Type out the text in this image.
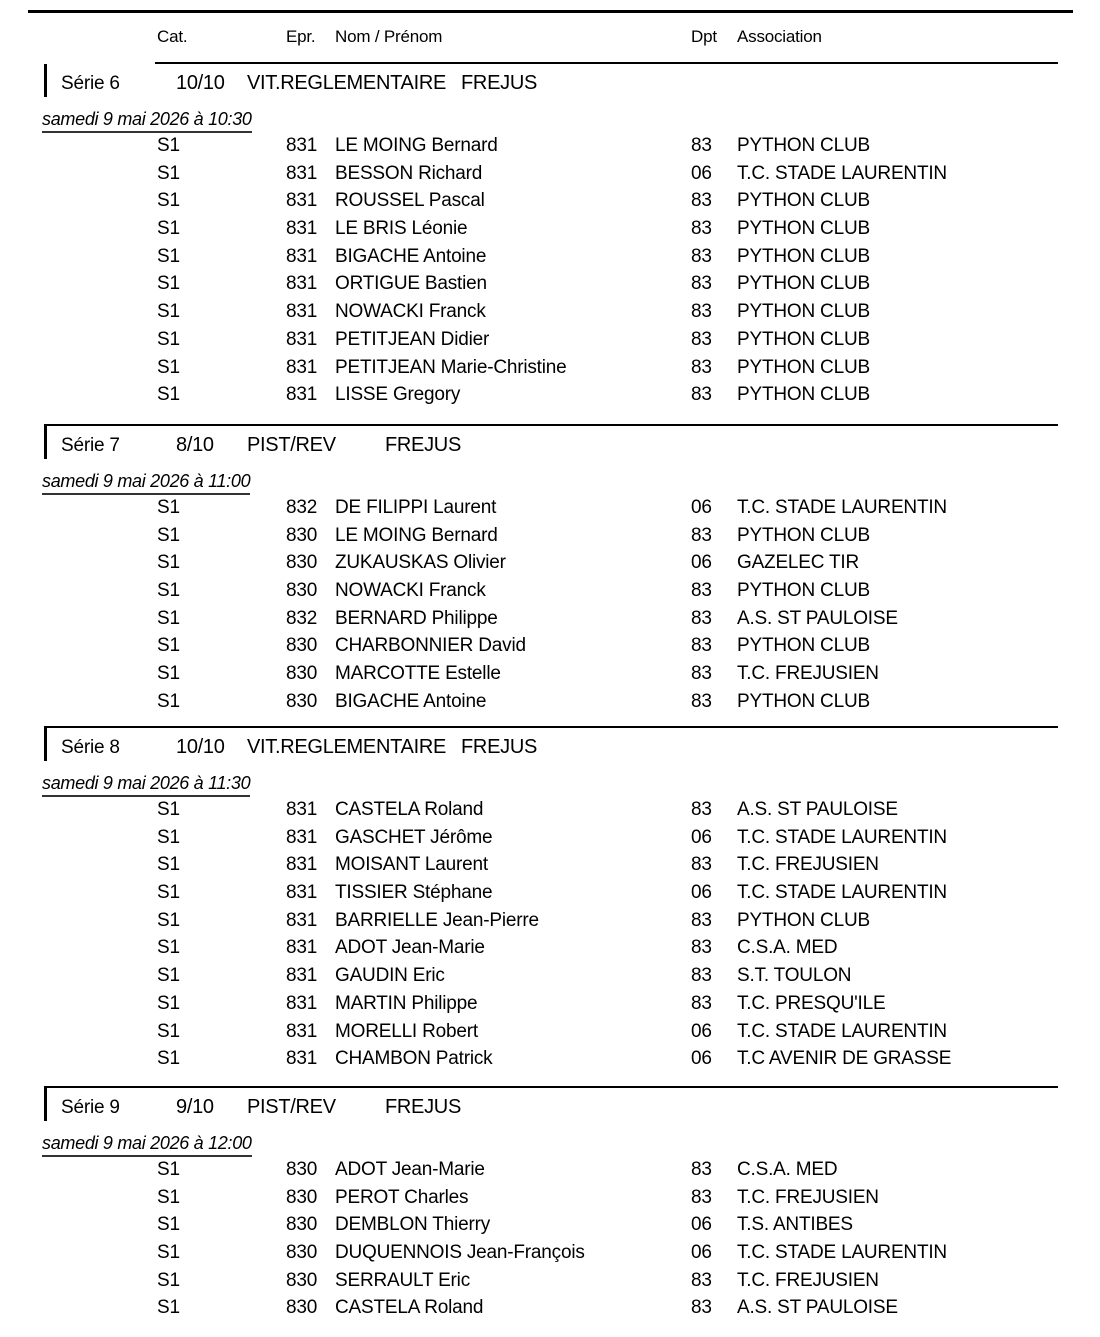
Cat.	Epr. Nom / Prénom	Dpt Association
Série 6	10/10	VIT.REGLEMENTAIRE FREJUS
samedi 9 mai 2026 à 10:30
S1	831 LE MOING Bernard	83 PYTHON CLUB
S1	831 BESSON Richard	06 T.C. STADE LAURENTIN
S1	831 ROUSSEL Pascal	83 PYTHON CLUB
S1	831 LE BRIS Léonie	83 PYTHON CLUB
S1	831 BIGACHE Antoine	83 PYTHON CLUB
S1	831 ORTIGUE Bastien	83 PYTHON CLUB
S1	831 NOWACKI Franck	83 PYTHON CLUB
S1	831 PETITJEAN Didier	83 PYTHON CLUB
S1	831 PETITJEAN Marie-Christine	83 PYTHON CLUB
S1	831 LISSE Gregory	83 PYTHON CLUB
Série 7	8/10	PIST/REV	FREJUS
samedi 9 mai 2026 à 11:00
S1	832 DE FILIPPI Laurent	06 T.C. STADE LAURENTIN
S1	830 LE MOING Bernard	83 PYTHON CLUB
S1	830 ZUKAUSKAS Olivier	06 GAZELEC TIR
S1	830 NOWACKI Franck	83 PYTHON CLUB
S1	832 BERNARD Philippe	83 A.S. ST PAULOISE
S1	830 CHARBONNIER David	83 PYTHON CLUB
S1	830 MARCOTTE Estelle	83 T.C. FREJUSIEN
S1	830 BIGACHE Antoine	83 PYTHON CLUB
Série 8	10/10	VIT.REGLEMENTAIRE FREJUS
samedi 9 mai 2026 à 11:30
S1	831 CASTELA Roland	83 A.S. ST PAULOISE
S1	831 GASCHET Jérôme	06 T.C. STADE LAURENTIN
S1	831 MOISANT Laurent	83 T.C. FREJUSIEN
S1	831 TISSIER Stéphane	06 T.C. STADE LAURENTIN
S1	831 BARRIELLE Jean-Pierre	83 PYTHON CLUB
S1	831 ADOT Jean-Marie	83 C.S.A. MED
S1	831 GAUDIN Eric	83 S.T. TOULON
S1	831 MARTIN Philippe	83 T.C. PRESQU'ILE
S1	831 MORELLI Robert	06 T.C. STADE LAURENTIN
S1	831 CHAMBON Patrick	06 T.C AVENIR DE GRASSE
Série 9	9/10	PIST/REV	FREJUS
samedi 9 mai 2026 à 12:00
S1	830 ADOT Jean-Marie	83 C.S.A. MED
S1	830 PEROT Charles	83 T.C. FREJUSIEN
S1	830 DEMBLON Thierry	06 T.S. ANTIBES
S1	830 DUQUENNOIS Jean-François	06 T.C. STADE LAURENTIN
S1	830 SERRAULT Eric	83 T.C. FREJUSIEN
S1	830 CASTELA Roland	83 A.S. ST PAULOISE
